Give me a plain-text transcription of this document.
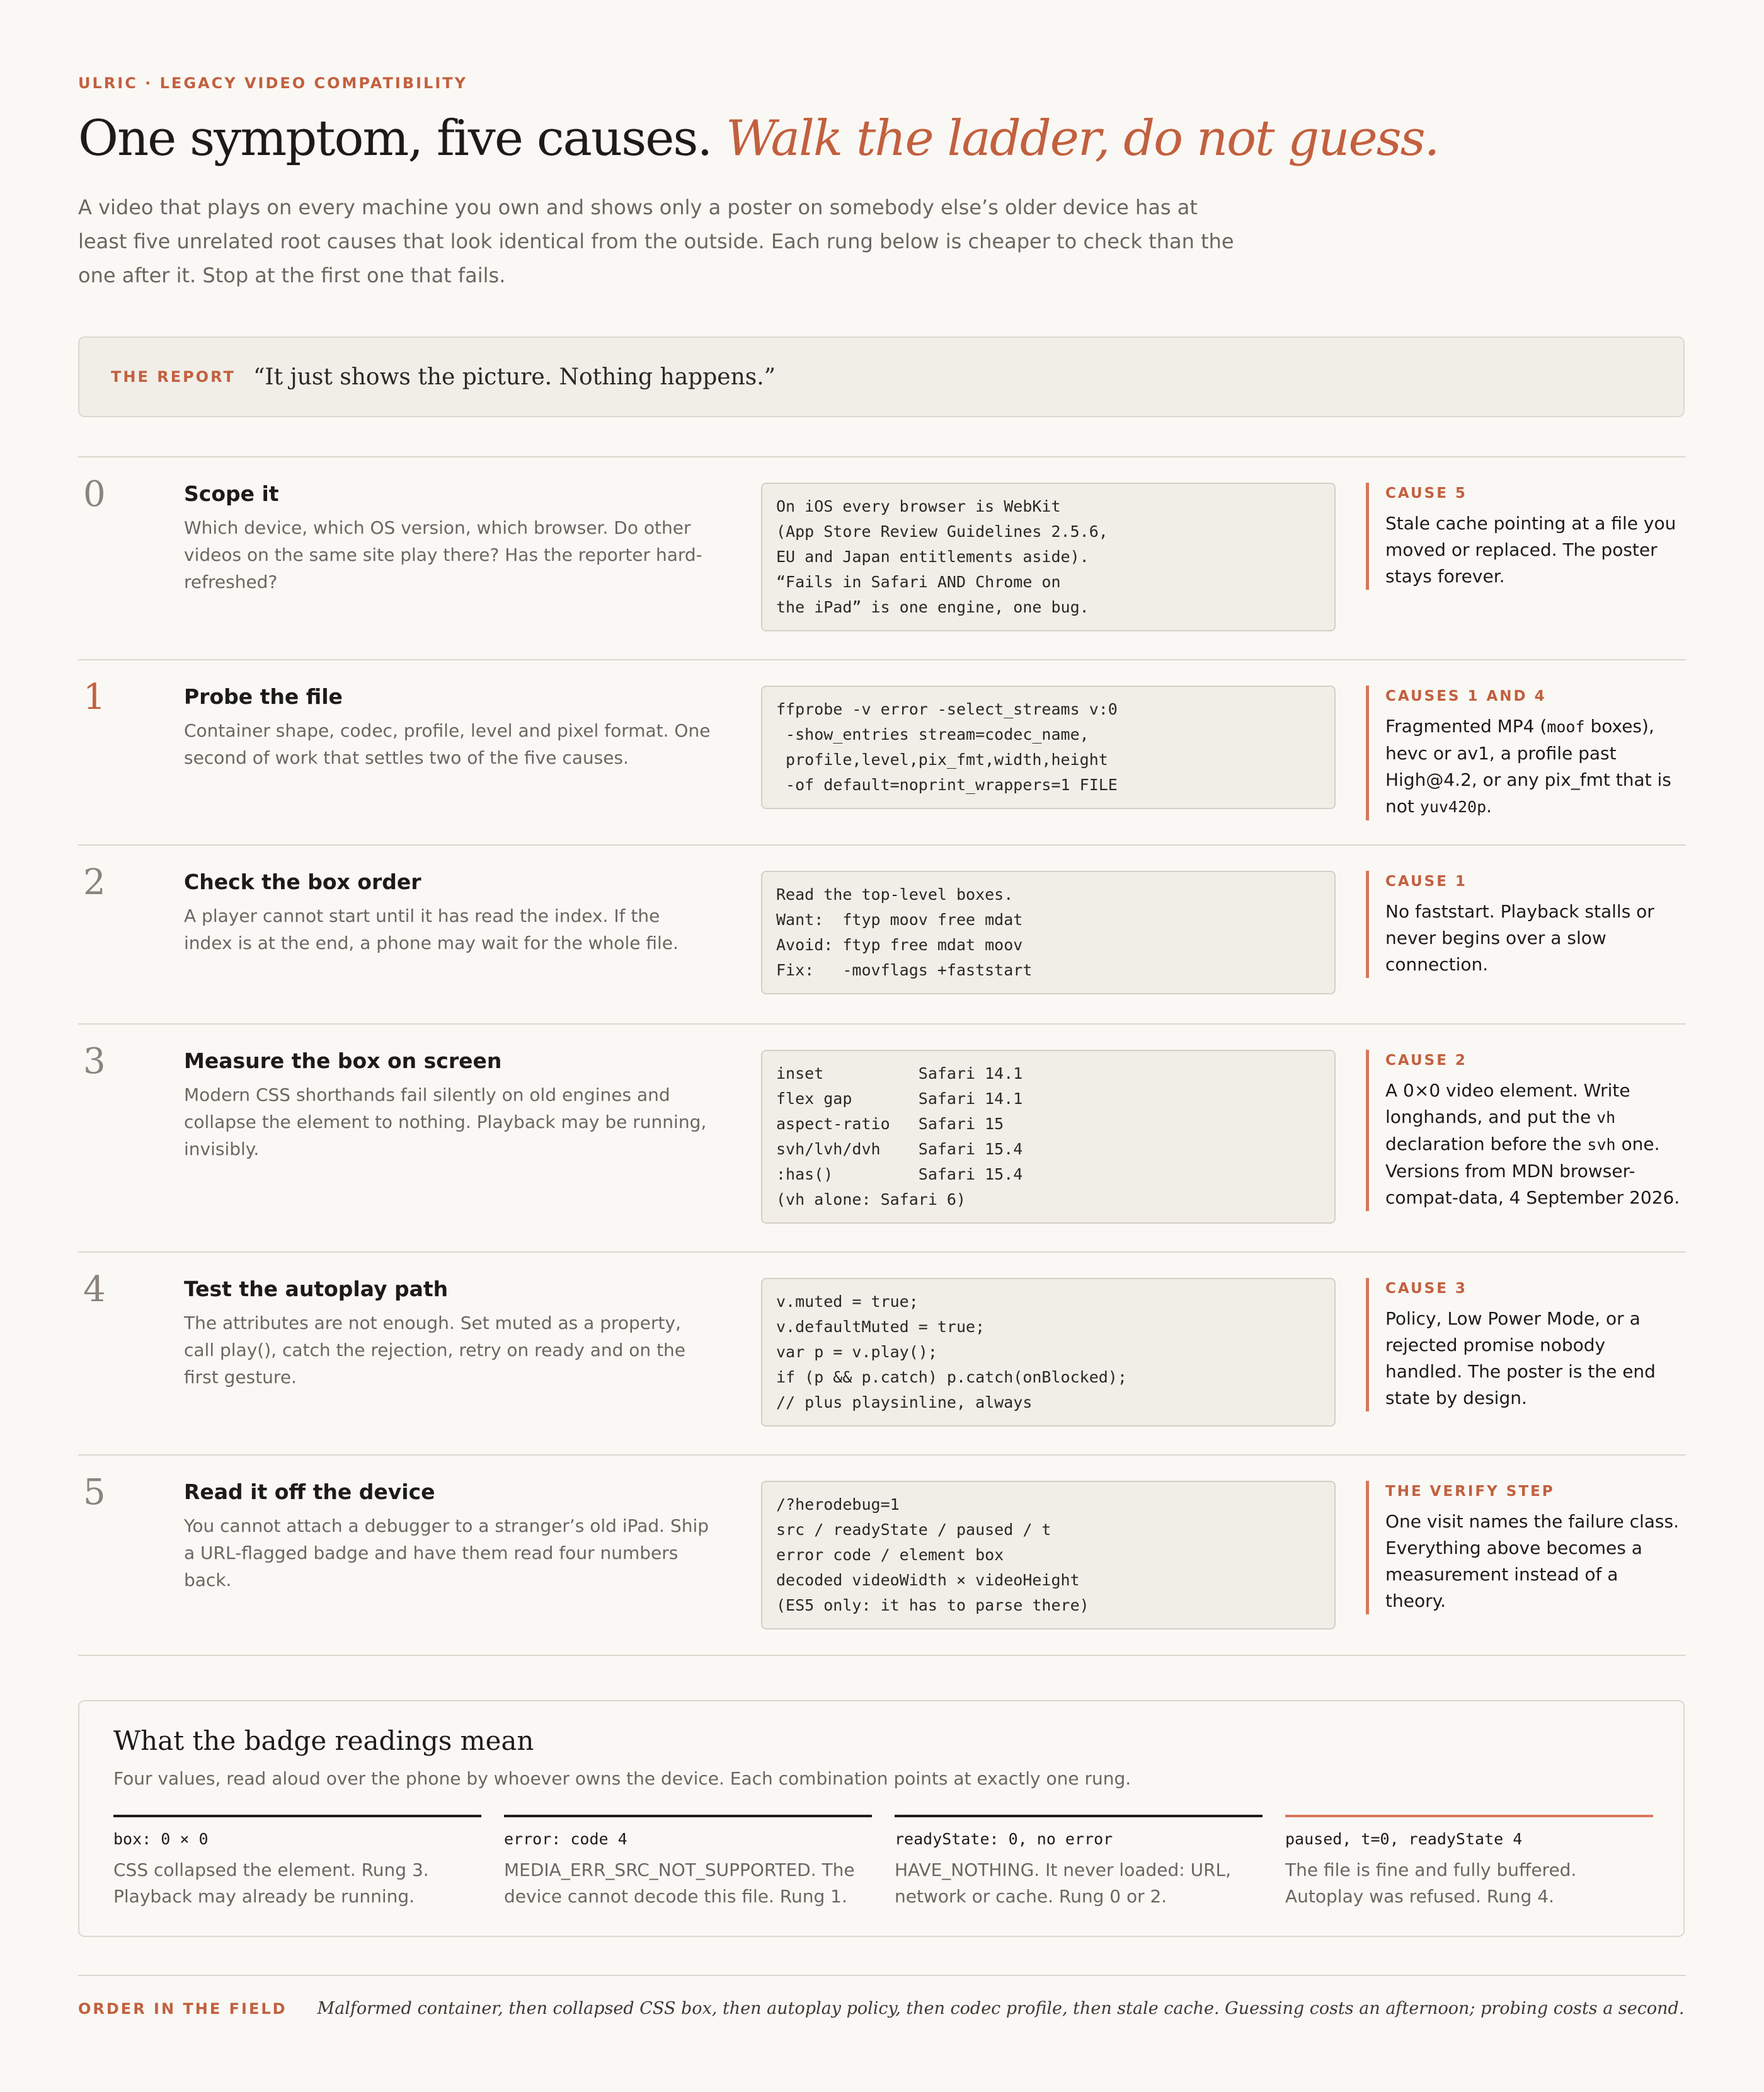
ULRIC · LEGACY VIDEO COMPATIBILITY
One symptom, five causes. Walk the ladder, do not guess.
A video that plays on every machine you own and shows only a poster on somebody else’s older device has at least five unrelated root causes that look identical from the outside. Each rung below is cheaper to check than the one after it. Stop at the first one that fails.
THE REPORT “It just shows the picture. Nothing happens.”
0	Scope it
Which device, which OS version, which browser. Do other videos on the same site play there? Has the reporter hard-refreshed?
On iOS every browser is WebKit
(App Store Review Guidelines 2.5.6,
EU and Japan entitlements aside).
“Fails in Safari AND Chrome on
the iPad” is one engine, one bug.
CAUSE 5
Stale cache pointing at a file you moved or replaced. The poster stays forever.
1	Probe the file
Container shape, codec, profile, level and pixel format. One second of work that settles two of the five causes.
ffprobe -v error -select_streams v:0
-show_entries stream=codec_name,
profile,level,pix_fmt,width,height
-of default=noprint_wrappers=1 FILE
CAUSES 1 AND 4
Fragmented MP4 (moof boxes), hevc or av1, a profile past High@4.2, or any pix_fmt that is not yuv420p.
2	Check the box order
A player cannot start until it has read the index. If the index is at the end, a phone may wait for the whole file.
Read the top-level boxes.
Want:  ftyp moov free mdat
Avoid: ftyp free mdat moov
Fix:   -movflags +faststart
CAUSE 1
No faststart. Playback stalls or never begins over a slow connection.
3	Measure the box on screen
Modern CSS shorthands fail silently on old engines and collapse the element to nothing. Playback may be running, invisibly.
inset          Safari 14.1
flex gap       Safari 14.1
aspect-ratio   Safari 15
svh/lvh/dvh    Safari 15.4
:has()         Safari 15.4
(vh alone: Safari 6)
CAUSE 2
A 0×0 video element. Write longhands, and put the vh declaration before the svh one. Versions from MDN browser-compat-data, 4 September 2026.
4	Test the autoplay path
The attributes are not enough. Set muted as a property, call play(), catch the rejection, retry on ready and on the first gesture.
v.muted = true;
v.defaultMuted = true;
var p = v.play();
if (p && p.catch) p.catch(onBlocked);
// plus playsinline, always
CAUSE 3
Policy, Low Power Mode, or a rejected promise nobody handled. The poster is the end state by design.
5	Read it off the device
You cannot attach a debugger to a stranger’s old iPad. Ship a URL-flagged badge and have them read four numbers back.
/?herodebug=1
src / readyState / paused / t
error code / element box
decoded videoWidth × videoHeight
(ES5 only: it has to parse there)
THE VERIFY STEP
One visit names the failure class. Everything above becomes a measurement instead of a theory.
What the badge readings mean
Four values, read aloud over the phone by whoever owns the device. Each combination points at exactly one rung.
box: 0 × 0
CSS collapsed the element. Rung 3. Playback may already be running.
error: code 4
MEDIA_ERR_SRC_NOT_SUPPORTED. The device cannot decode this file. Rung 1.
readyState: 0, no error
HAVE_NOTHING. It never loaded: URL, network or cache. Rung 0 or 2.
paused, t=0, readyState 4
The file is fine and fully buffered. Autoplay was refused. Rung 4.
ORDER IN THE FIELD Malformed container, then collapsed CSS box, then autoplay policy, then codec profile, then stale cache. Guessing costs an afternoon; probing costs a second.
